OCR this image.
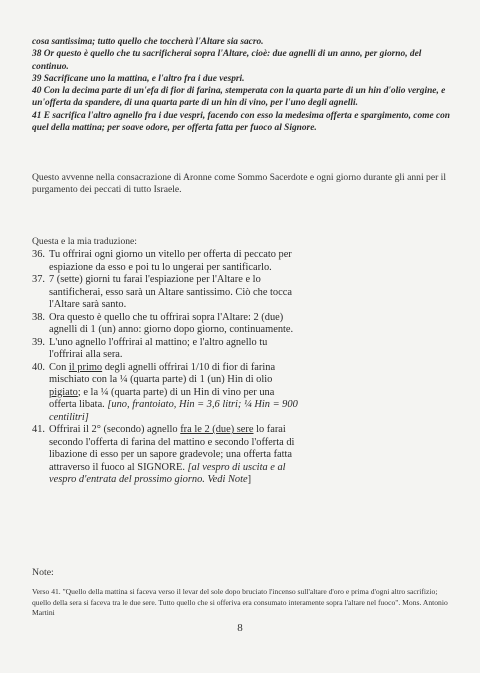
cosa santissima; tutto quello che toccherà l'Altare sia sacro.

38 Or questo è quello che tu sacrificherai sopra l'Altare, cioè: due agnelli di un anno, per giorno, del continuo.

39 Sacrificane uno la mattina, e l'altro fra i due vespri.

40 Con la decima parte di un'efa di fior di farina, stemperata con la quarta parte di un hin d'olio vergine, e un'offerta da spandere, di una quarta parte di un hin di vino, per l'uno degli agnelli.

41 E sacrifica l'altro agnello fra i due vespri, facendo con esso la medesima offerta e spargimento, come con quel della mattina; per soave odore, per offerta fatta per fuoco al Signore.

Questo avvenne nella consacrazione di Aronne come Sommo Sacerdote e ogni giorno durante gli anni per il purgamento dei peccati di tutto Israele.
Questa e la mia traduzione:
36. Tu offrirai ogni giorno un vitello per offerta di peccato per espiazione da esso e poi tu lo ungerai per santificarlo.
37. 7 (sette) giorni tu farai l'espiazione per l'Altare e lo santificherai, esso sarà un Altare santissimo. Ciò che tocca l'Altare sarà santo.
38. Ora questo è quello che tu offrirai sopra l'Altare: 2 (due) agnelli di 1 (un) anno: giorno dopo giorno, continuamente.
39. L'uno agnello l'offrirai al mattino; e l'altro agnello tu l'offrirai alla sera.
40. Con il primo degli agnelli offrirai 1/10 di fior di farina mischiato con la ¼ (quarta parte) di 1 (un) Hin di olio pigiato; e la ¼ (quarta parte) di un Hin di vino per una offerta libata. [uno, frantoiato, Hin = 3,6 litri; ¼ Hin = 900 centilitri]
41. Offrirai il 2° (secondo) agnello fra le 2 (due) sere lo farai secondo l'offerta di farina del mattino e secondo l'offerta di libazione di esso per un sapore gradevole; una offerta fatta attraverso il fuoco al SIGNORE. [al vespro di uscita e al vespro d'entrata del prossimo giorno. Vedi Note]
Note:
Verso 41. "Quello della mattina si faceva verso il levar del sole dopo bruciato l'incenso sull'altare d'oro e prima d'ogni altro sacrifizio; quello della sera si faceva tra le due sere. Tutto quello che si offeriva era consumato interamente sopra l'altare nel fuoco". Mons. Antonio Martini
8
